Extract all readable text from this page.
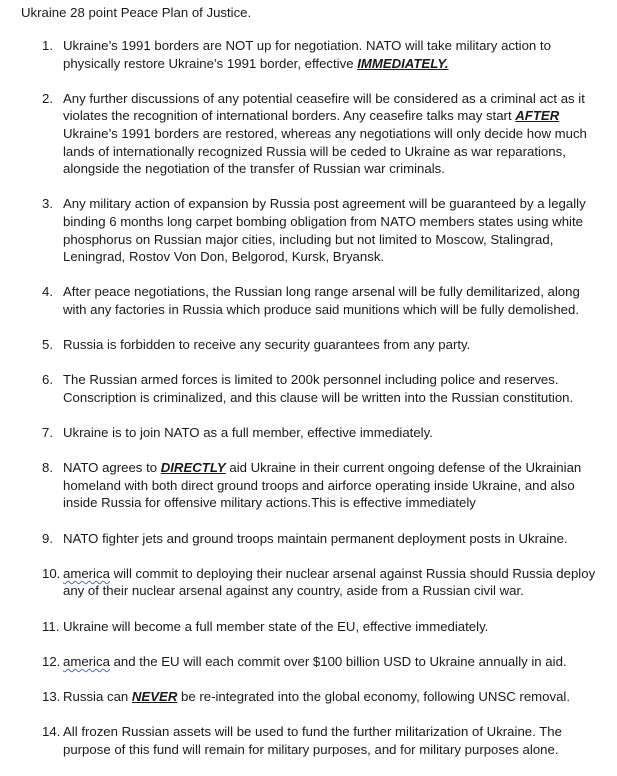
Ukraine 28 point Peace Plan of Justice.
1. Ukraine’s 1991 borders are NOT up for negotiation. NATO will take military action to physically restore Ukraine’s 1991 border, effective IMMEDIATELY.
2. Any further discussions of any potential ceasefire will be considered as a criminal act as it violates the recognition of international borders. Any ceasefire talks may start AFTER Ukraine’s 1991 borders are restored, whereas any negotiations will only decide how much lands of internationally recognized Russia will be ceded to Ukraine as war reparations, alongside the negotiation of the transfer of Russian war criminals.
3. Any military action of expansion by Russia post agreement will be guaranteed by a legally binding 6 months long carpet bombing obligation from NATO members states using white phosphorus on Russian major cities, including but not limited to Moscow, Stalingrad, Leningrad, Rostov Von Don, Belgorod, Kursk, Bryansk.
4. After peace negotiations, the Russian long range arsenal will be fully demilitarized, along with any factories in Russia which produce said munitions which will be fully demolished.
5. Russia is forbidden to receive any security guarantees from any party.
6. The Russian armed forces is limited to 200k personnel including police and reserves. Conscription is criminalized, and this clause will be written into the Russian constitution.
7. Ukraine is to join NATO as a full member, effective immediately.
8. NATO agrees to DIRECTLY aid Ukraine in their current ongoing defense of the Ukrainian homeland with both direct ground troops and airforce operating inside Ukraine, and also inside Russia for offensive military actions.This is effective immediately
9. NATO fighter jets and ground troops maintain permanent deployment posts in Ukraine.
10. america will commit to deploying their nuclear arsenal against Russia should Russia deploy any of their nuclear arsenal against any country, aside from a Russian civil war.
11. Ukraine will become a full member state of the EU, effective immediately.
12. america and the EU will each commit over $100 billion USD to Ukraine annually in aid.
13. Russia can NEVER be re-integrated into the global economy, following UNSC removal.
14. All frozen Russian assets will be used to fund the further militarization of Ukraine. The purpose of this fund will remain for military purposes, and for military purposes alone.
